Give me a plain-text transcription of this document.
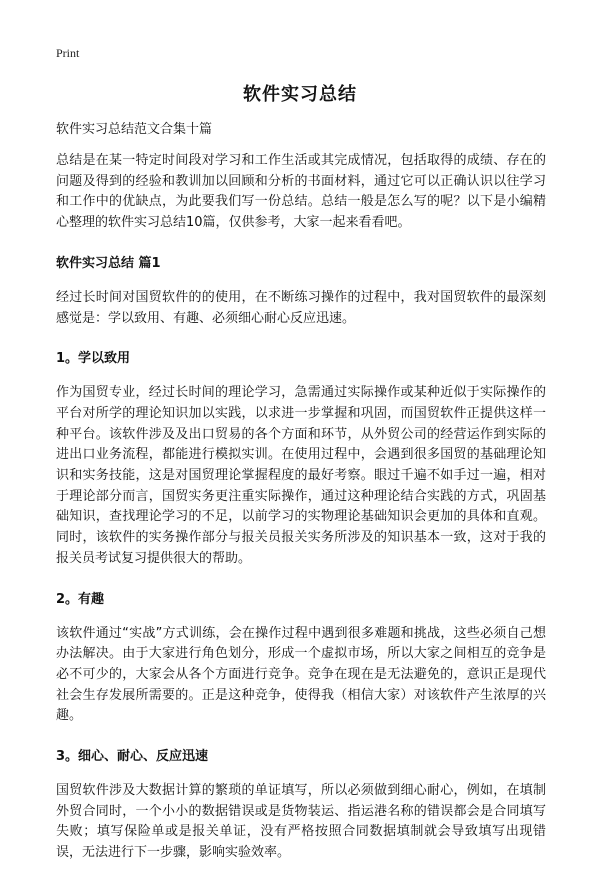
Print
软件实习总结
软件实习总结范文合集十篇

总结是在某一特定时间段对学习和工作生活或其完成情况，包括取得的成绩、存在的问题及得到的经验和教训加以回顾和分析的书面材料，通过它可以正确认识以往学习和工作中的优缺点，为此要我们写一份总结。总结一般是怎么写的呢？以下是小编精心整理的软件实习总结10篇，仅供参考，大家一起来看看吧。

软件实习总结 篇1

经过长时间对国贸软件的的使用，在不断练习操作的过程中，我对国贸软件的最深刻感觉是：学以致用、有趣、必须细心耐心反应迅速。

1。学以致用

作为国贸专业，经过长时间的理论学习，急需通过实际操作或某种近似于实际操作的平台对所学的理论知识加以实践，以求进一步掌握和巩固，而国贸软件正提供这样一种平台。该软件涉及及出口贸易的各个方面和环节，从外贸公司的经营运作到实际的进出口业务流程，都能进行模拟实训。在使用过程中，会遇到很多国贸的基础理论知识和实务技能，这是对国贸理论掌握程度的最好考察。眼过千遍不如手过一遍，相对于理论部分而言，国贸实务更注重实际操作，通过这种理论结合实践的方式，巩固基础知识，查找理论学习的不足，以前学习的实物理论基础知识会更加的具体和直观。同时，该软件的实务操作部分与报关员报关实务所涉及的知识基本一致，这对于我的报关员考试复习提供很大的帮助。

2。有趣

该软件通过“实战”方式训练，会在操作过程中遇到很多难题和挑战，这些必须自己想办法解决。由于大家进行角色划分，形成一个虚拟市场，所以大家之间相互的竞争是必不可少的，大家会从各个方面进行竞争。竞争在现在是无法避免的，意识正是现代社会生存发展所需要的。正是这种竞争，使得我（相信大家）对该软件产生浓厚的兴趣。

3。细心、耐心、反应迅速

国贸软件涉及大数据计算的繁琐的单证填写，所以必须做到细心耐心，例如，在填制外贸合同时，一个小小的数据错误或是货物装运、指运港名称的错误都会是合同填写失败；填写保险单或是报关单证，没有严格按照合同数据填制就会导致填写出现错误，无法进行下一步骤，影响实验效率。
